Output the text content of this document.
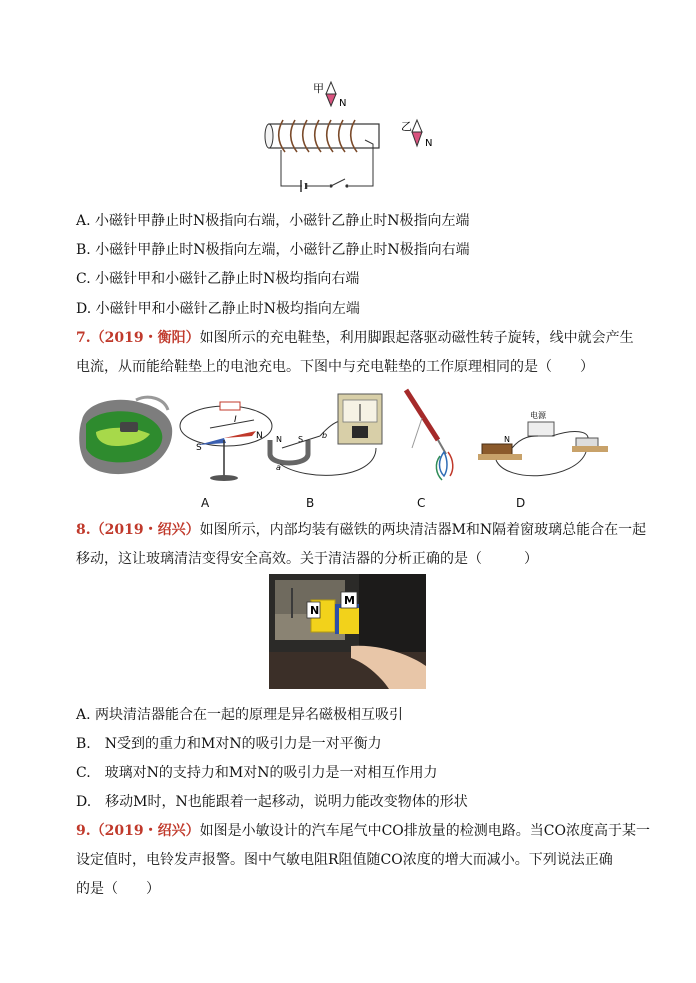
甲
N
乙
N
A. 小磁针甲静止时N极指向右端，小磁针乙静止时N极指向左端
B. 小磁针甲静止时N极指向左端，小磁针乙静止时N极指向右端
C. 小磁针甲和小磁针乙静止时N极均指向右端
D. 小磁针甲和小磁针乙静止时N极均指向左端
7.（2019・衡阳）如图所示的充电鞋垫，利用脚跟起落驱动磁性转子旋转，线中就会产生
电流，从而能给鞋垫上的电池充电。下图中与充电鞋垫的工作原理相同的是（　　）
I
S
N N S b
a
电源
N
A	B	C	D
8.（2019・绍兴）如图所示，内部均装有磁铁的两块清洁器M和N隔着窗玻璃总能合在一起
移动，这让玻璃清洁变得安全高效。关于清洁器的分析正确的是（　　　）
N
M
A. 两块清洁器能合在一起的原理是异名磁极相互吸引
B.　N受到的重力和M对N的吸引力是一对平衡力
C.　玻璃对N的支持力和M对N的吸引力是一对相互作用力
D.　移动M时，N也能跟着一起移动，说明力能改变物体的形状
9.（2019・绍兴）如图是小敏设计的汽车尾气中CO排放量的检测电路。当CO浓度高于某一
设定值时，电铃发声报警。图中气敏电阻R阻值随CO浓度的增大而减小。下列说法正确
的是（　　）
